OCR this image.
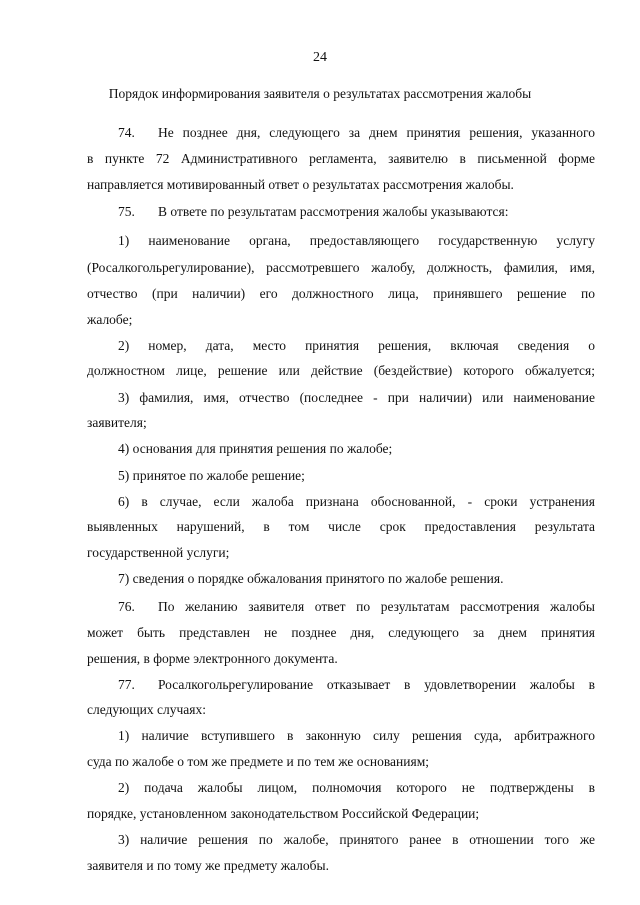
24
Порядок информирования заявителя о результатах рассмотрения жалобы
74.	Не позднее дня, следующего за днем принятия решения, указанного
в пункте 72 Административного регламента, заявителю в письменной форме
направляется мотивированный ответ о результатах рассмотрения жалобы.
75.	В ответе по результатам рассмотрения жалобы указываются:
1) наименование органа, предоставляющего государственную услугу
(Росалкогольрегулирование), рассмотревшего жалобу, должность, фамилия, имя,
отчество (при наличии) его должностного лица, принявшего решение по
жалобе;
2) номер, дата, место принятия решения, включая сведения о
должностном лице, решение или действие (бездействие) которого обжалуется;
3) фамилия, имя, отчество (последнее - при наличии) или наименование
заявителя;
4) основания для принятия решения по жалобе;
5) принятое по жалобе решение;
6) в случае, если жалоба признана обоснованной, - сроки устранения
выявленных нарушений, в том числе срок предоставления результата
государственной услуги;
7) сведения о порядке обжалования принятого по жалобе решения.
76.	По желанию заявителя ответ по результатам рассмотрения жалобы
может быть представлен не позднее дня, следующего за днем принятия
решения, в форме электронного документа.
77.	Росалкогольрегулирование отказывает в удовлетворении жалобы в
следующих случаях:
1) наличие вступившего в законную силу решения суда, арбитражного
суда по жалобе о том же предмете и по тем же основаниям;
2) подача жалобы лицом, полномочия которого не подтверждены в
порядке, установленном законодательством Российской Федерации;
3) наличие решения по жалобе, принятого ранее в отношении того же
заявителя и по тому же предмету жалобы.
